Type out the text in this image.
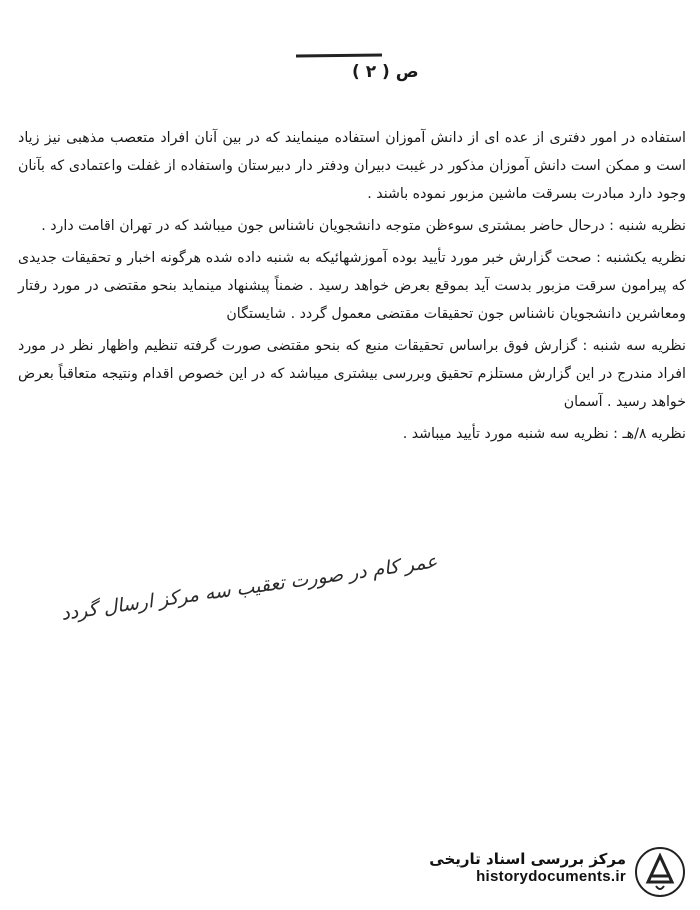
ص ( ۲ )

استفاده در امور دفتری از عده ای از دانش آموزان استفاده مینمایند که در بین آنان افراد متعصب مذهبی نیز زیاد است و ممکن است دانش آموزان مذکور در غیبت دبیران ودفتر دار دبیرستان واستفاده از غفلت واعتمادی که بآنان وجود دارد مبادرت بسرقت ماشین مزبور نموده باشند .

نظریه شنبه : درحال حاضر بمشتری سوءظن متوجه دانشجویان ناشناس جون میباشد که در تهران اقامت دارد .

نظریه یکشنبه : صحت گزارش خبر مورد تأیید بوده آموزشهائیکه به شنبه داده شده هرگونه اخبار و تحقیقات جدیدی که پیرامون سرقت مزبور بدست آید بموقع بعرض خواهد رسید . ضمناً پیشنهاد مینماید بنحو مقتضی در مورد رفتار ومعاشرین دانشجویان ناشناس جون تحقیقات مقتضی معمول گردد . شایستگان

نظریه سه شنبه : گزارش فوق براساس تحقیقات منبع که بنحو مقتضی صورت گرفته تنظیم واظهار نظر در مورد افراد مندرج در این گزارش مستلزم تحقیق وبررسی بیشتری میباشد که در این خصوص اقدام ونتیجه متعاقباً بعرض خواهد رسید . آسمان

نظریه ۸/هـ : نظریه سه شنبه مورد تأیید میباشد .

عمر کام در صورت تعقیب سه مرکز ارسال گردد
مرکز بررسی اسناد تاریخی
historydocuments.ir
